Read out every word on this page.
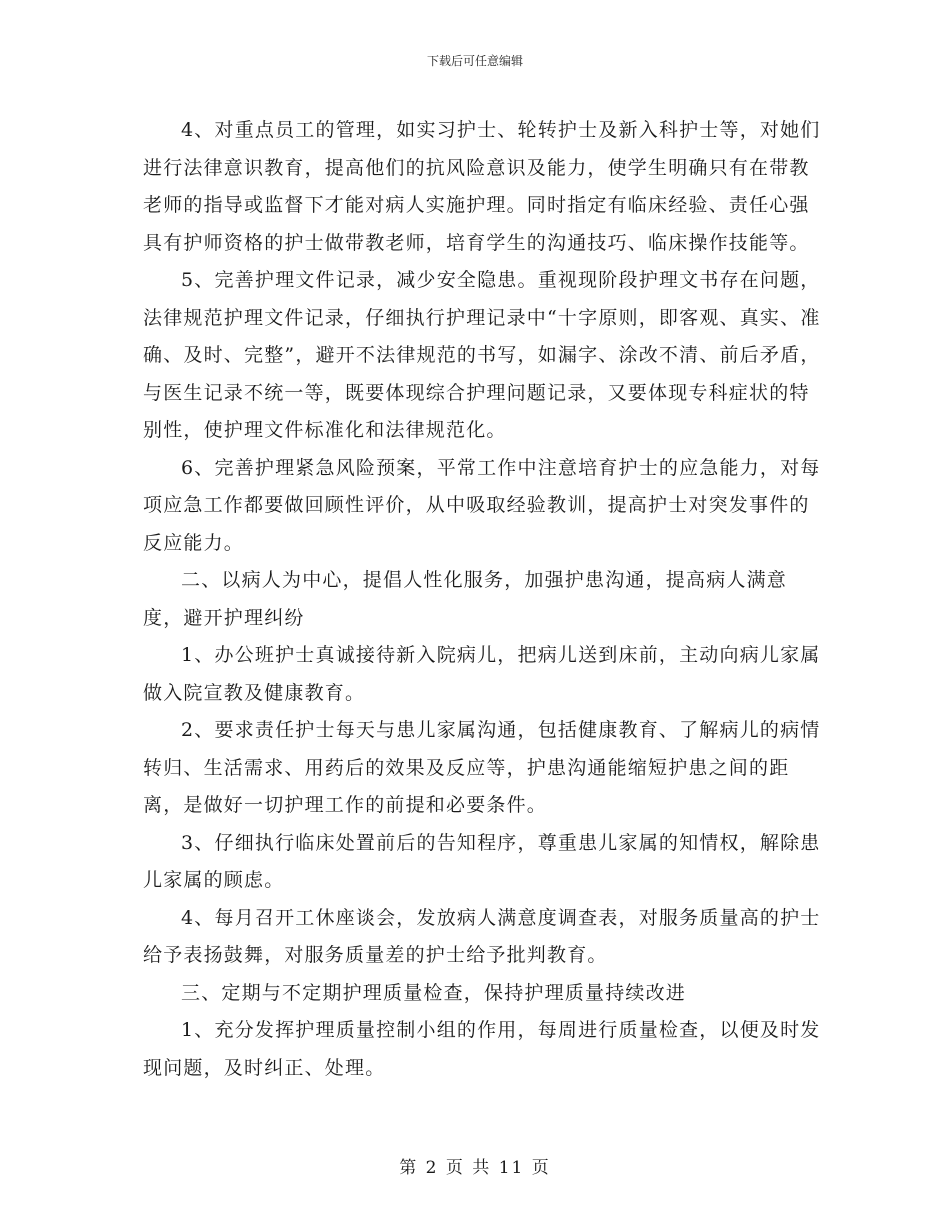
下载后可任意编辑

4、对重点员工的管理，如实习护士、轮转护士及新入科护士等，对她们进行法律意识教育，提高他们的抗风险意识及能力，使学生明确只有在带教老师的指导或监督下才能对病人实施护理。同时指定有临床经验、责任心强具有护师资格的护士做带教老师，培育学生的沟通技巧、临床操作技能等。

5、完善护理文件记录，减少安全隐患。重视现阶段护理文书存在问题，法律规范护理文件记录，仔细执行护理记录中“十字原则，即客观、真实、准确、及时、完整”，避开不法律规范的书写，如漏字、涂改不清、前后矛盾，与医生记录不统一等，既要体现综合护理问题记录，又要体现专科症状的特别性，使护理文件标准化和法律规范化。

6、完善护理紧急风险预案，平常工作中注意培育护士的应急能力，对每项应急工作都要做回顾性评价，从中吸取经验教训，提高护士对突发事件的反应能力。

二、以病人为中心，提倡人性化服务，加强护患沟通，提高病人满意 度，避开护理纠纷

1、办公班护士真诚接待新入院病儿，把病儿送到床前，主动向病儿家属做入院宣教及健康教育。

2、要求责任护士每天与患儿家属沟通，包括健康教育、了解病儿的病情转归、生活需求、用药后的效果及反应等，护患沟通能缩短护患之间的距离，是做好一切护理工作的前提和必要条件。

3、仔细执行临床处置前后的告知程序，尊重患儿家属的知情权，解除患儿家属的顾虑。

4、每月召开工休座谈会，发放病人满意度调查表，对服务质量高的护士给予表扬鼓舞，对服务质量差的护士给予批判教育。

三、定期与不定期护理质量检查，保持护理质量持续改进

1、充分发挥护理质量控制小组的作用，每周进行质量检查，以便及时发现问题，及时纠正、处理。

第 2 页 共 11 页
